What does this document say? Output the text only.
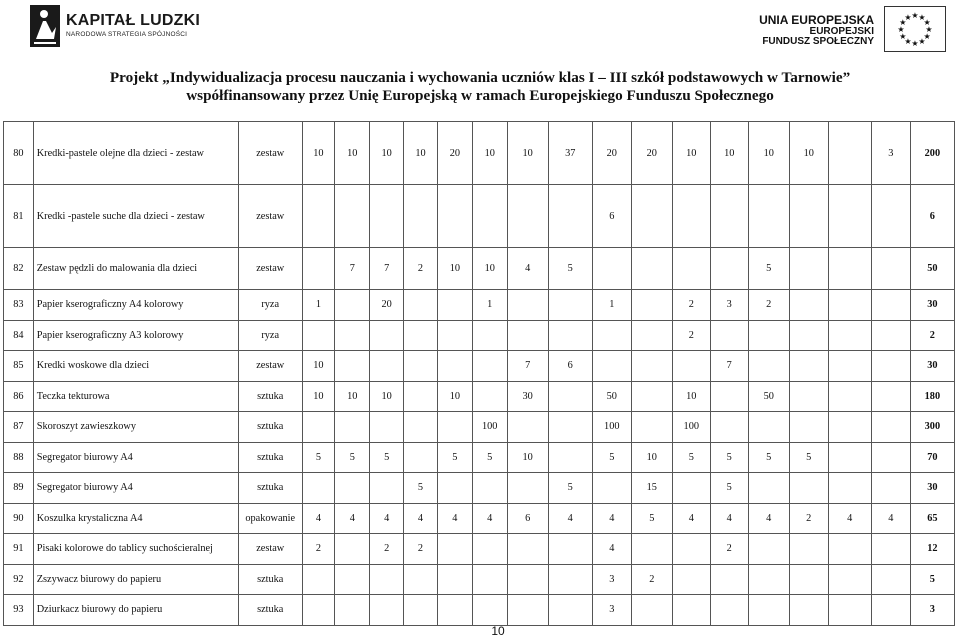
KAPITAŁ LUDZKI
NARODOWA STRATEGIA SPÓJNOŚCI
UNIA EUROPEJSKA
EUROPEJSKI
FUNDUSZ SPOŁECZNY
★ ★
★
★
★
★
★
★
★
★
★
★
Projekt „Indywidualizacja procesu nauczania i wychowania uczniów klas I – III szkół podstawowych w Tarnowie”
współfinansowany przez Unię Europejską w ramach Europejskiego Funduszu Społecznego
80	Kredki-pastele olejne dla dzieci - zestaw	zestaw	10	10	10	10	20	10	10	37	20	20	10	10	10	10		3	200
81	Kredki -pastele suche dla dzieci - zestaw	zestaw									6								6
82	Zestaw pędzli do malowania dla dzieci	zestaw		7	7	2	10	10	4	5					5				50
83	Papier kserograficzny A4 kolorowy	ryza	1		20			1			1		2	3	2				30
84	Papier kserograficzny A3 kolorowy	ryza											2						2
85	Kredki woskowe dla dzieci	zestaw	10						7	6				7					30
86	Teczka tekturowa	sztuka	10	10	10		10		30		50		10		50				180
87	Skoroszyt zawieszkowy	sztuka						100			100		100						300
88	Segregator biurowy A4	sztuka	5	5	5		5	5	10		5	10	5	5	5	5			70
89	Segregator biurowy A4	sztuka				5				5		15		5					30
90	Koszulka krystaliczna A4	opakowanie	4	4	4	4	4	4	6	4	4	5	4	4	4	2	4	4	65
91	Pisaki kolorowe do tablicy suchościeralnej	zestaw	2		2	2					4			2					12
92	Zszywacz biurowy do papieru	sztuka									3	2							5
93	Dziurkacz biurowy do papieru	sztuka									3								3
10
